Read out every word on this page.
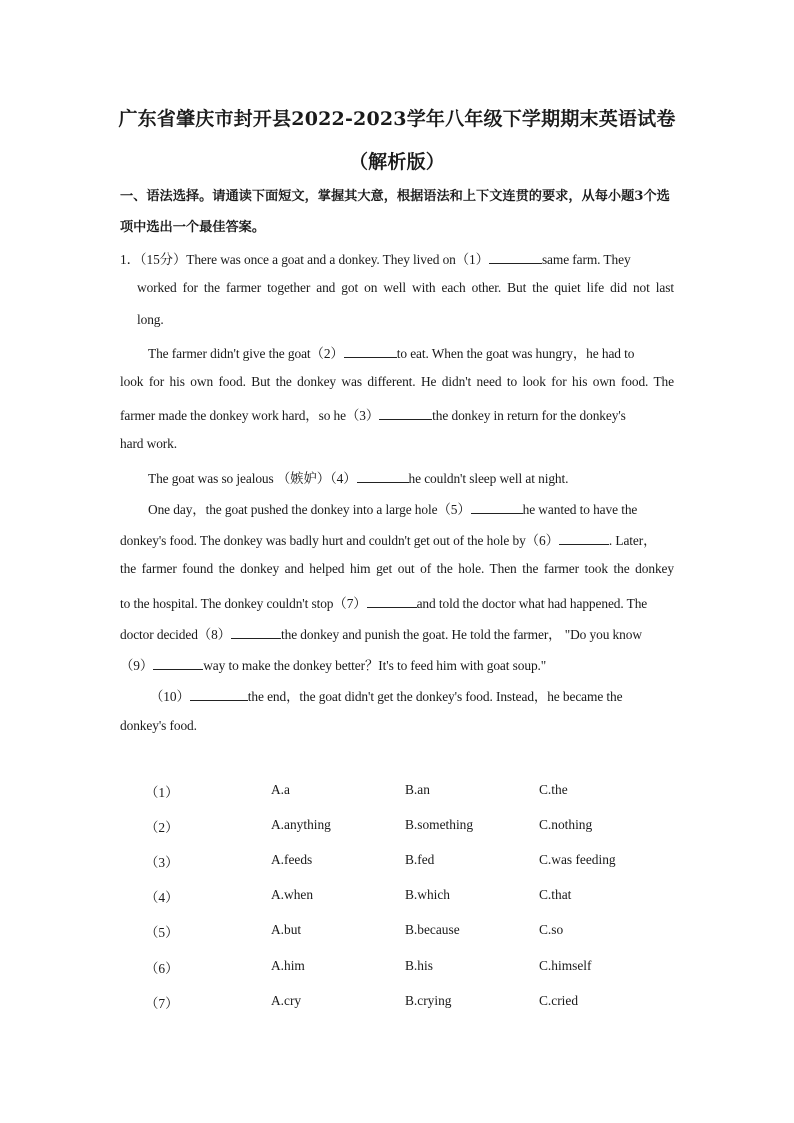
广东省肇庆市封开县2022-2023学年八年级下学期期末英语试卷
（解析版）
一、语法选择。请通读下面短文，掌握其大意，根据语法和上下文连贯的要求，从每小题3个选项中选出一个最佳答案。
1．（15分）There was once a goat and a donkey. They lived on（1）	same farm. They
worked for the farmer together and got on well with each other. But the quiet life did not last
long.
The farmer didn't give the goat（2）	to eat. When the goat was hungry，he had to
look for his own food. But the donkey was different. He didn't need to look for his own food. The
farmer made the donkey work hard，so he（3）	the donkey in return for the donkey's
hard work.
The goat was so jealous （嫉妒）（4）	he couldn't sleep well at night.
One day，the goat pushed the donkey into a large hole（5）	he wanted to have the
donkey's food. The donkey was badly hurt and couldn't get out of the hole by（6）	. Later，
the farmer found the donkey and helped him get out of the hole. Then the farmer took the donkey
to the hospital. The donkey couldn't stop（7）	and told the doctor what had happened. The
doctor decided（8）	the donkey and punish the goat. He told the farmer， "Do you know
（9）	way to make the donkey better？It's to feed him with goat soup."
（10）	the end，the goat didn't get the donkey's food. Instead，he became the
donkey's food.
（1）	A.a	B.an	C.the
（2）	A.anything	B.something	C.nothing
（3）	A.feeds	B.fed	C.was feeding
（4）	A.when	B.which	C.that
（5）	A.but	B.because	C.so
（6）	A.him	B.his	C.himself
（7）	A.cry	B.crying	C.cried
